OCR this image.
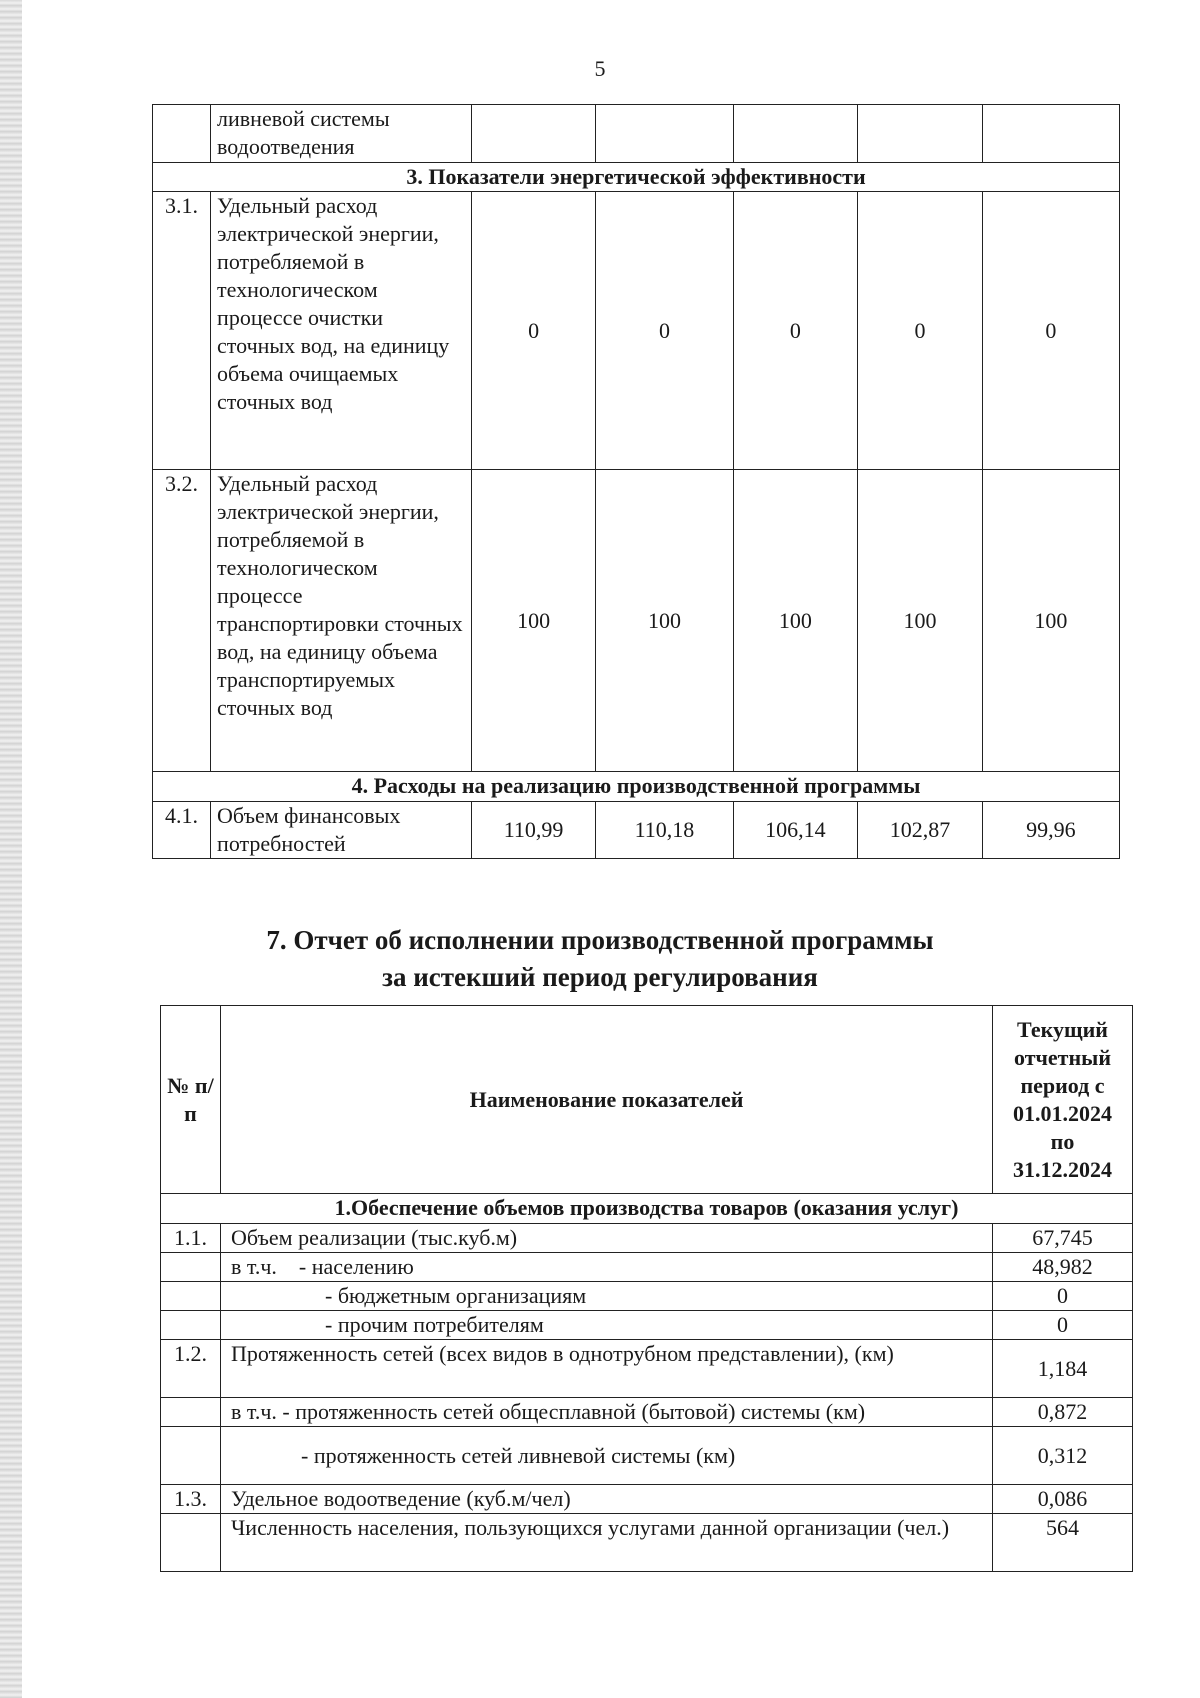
5
	ливневой системы водоотведения					
3. Показатели энергетической эффективности						
3.1.	Удельный расход электрической энергии, потребляемой в технологическом процессе очистки сточных вод, на единицу объема очищаемых сточных вод	0	0	0	0	0
3.2.	Удельный расход электрической энергии, потребляемой в технологическом процессе транспортировки сточных вод, на единицу объема транспортируемых сточных вод	100	100	100	100	100
4. Расходы на реализацию производственной программы						
4.1.	Объем финансовых потребностей	110,99	110,18	106,14	102,87	99,96
7. Отчет об исполнении производственной программы
за истекший период регулирования
№ п/п	Наименование показателей	Текущий отчетный период с 01.01.2024 по 31.12.2024
1.Обеспечение объемов производства товаров (оказания услуг)		
1.1.	Объем реализации (тыс.куб.м)	67,745
	в т.ч.    - населению	48,982
	- бюджетным организациям	0
	- прочим потребителям	0
1.2.	Протяженность сетей (всех видов в однотрубном представлении), (км)	1,184
	в т.ч. - протяженность сетей общесплавной (бытовой) системы (км)	0,872
	- протяженность сетей ливневой системы (км)	0,312
1.3.	Удельное водоотведение (куб.м/чел)	0,086
	Численность населения, пользующихся услугами данной организации (чел.)	564
